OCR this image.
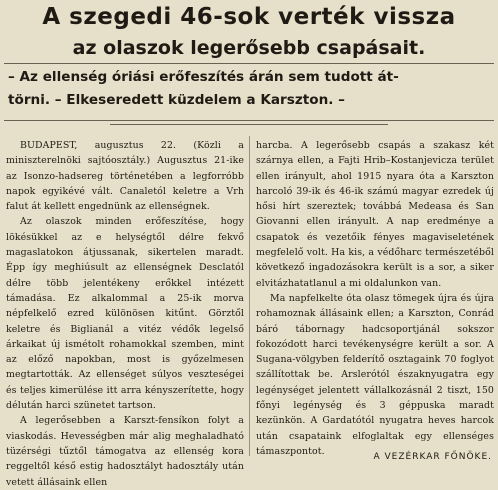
A szegedi 46-sok verték vissza
az olaszok legerősebb csapásait.
– Az ellenség óriási erőfeszítés árán sem tudott át-
törni. – Elkeseredett küzdelem a Karszton. –

BUDAPEST, augusztus 22. (Közli a miniszterelnöki sajtóosztály.) Augusztus 21-ike az Isonzo-hadsereg történetében a legforróbb napok egyikévé vált. Canaletól keletre a Vrh falut át kellett engednünk az ellenségnek.

Az olaszok minden erőfeszítése, hogy lökésükkel az e helységtől délre fekvő magaslatokon átjussanak, sikertelen maradt. Épp így meghiúsult az ellenségnek Desclatól délre több jelentékeny erőkkel intézett támadása. Ez alkalommal a 25-ik morva népfelkelő ezred különösen kitűnt. Görztől keletre és Biglianál a vitéz védők legelső árkaikat új ismétolt rohamokkal szemben, mint az előző napokban, most is győzelmesen megtartották. Az ellenséget súlyos veszteségei és teljes kimerülése itt arra kényszerítette, hogy délután harci szünetet tartson.

A legerősebben a Karszt-fensíkon folyt a viaskodás. Hevességben már alig meghaladható tüzérségi tűztől támogatva az ellenség kora reggeltől késő estig hadosztályt hadosztály után vetett állásaink ellen

harcba. A legerősebb csapás a szakasz két szárnya ellen, a Fajti Hrib–Kostanjevicza terület ellen irányult, ahol 1915 nyara óta a Karszton harcoló 39-ik és 46-ik számú magyar ezredek új hősi hírt szereztek; továbbá Medeasa és San Giovanni ellen irányult. A nap eredménye a csapatok és vezetőik fényes magaviseletének megfelelő volt. Ha kis, a védőharc természetéből következő ingadozásokra került is a sor, a siker elvitázhatatlanul a mi oldalunkon van.

Ma napfelkelte óta olasz tömegek újra és újra rohamoznak állásaink ellen; a Karszton, Conrád báró tábornagy hadcsoportjánál sokszor fokozódott harci tevékenységre került a sor. A Sugana-völgyben felderítő osztagaink 70 foglyot szállítottak be. Arslerótól északnyugatra egy legénységet jelentett vállalkozásnál 2 tiszt, 150 főnyi legénység és 3 géppuska maradt kezünkön. A Gardatótól nyugatra heves harcok után csapataink elfoglaltak egy ellenséges támaszpontot.

A VEZÉRKAR FŐNÖKE.
